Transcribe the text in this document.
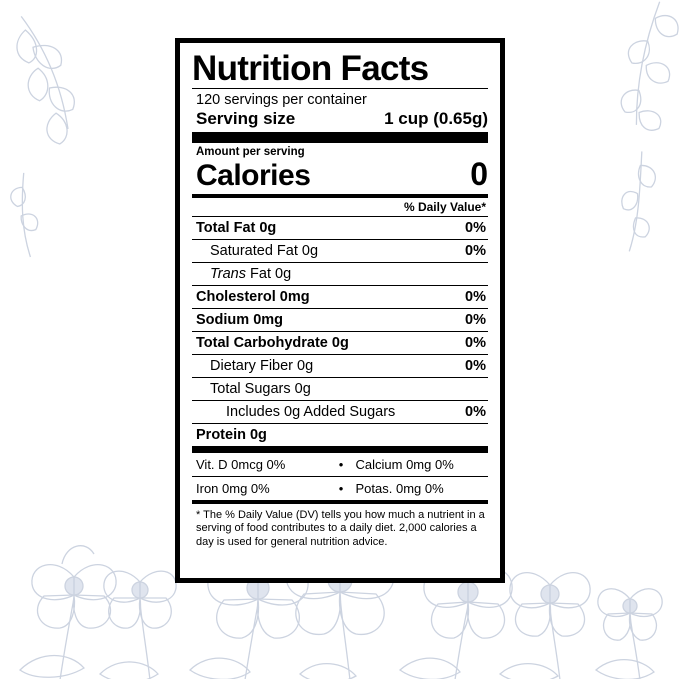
Nutrition Facts
120 servings per container
Serving size	1 cup (0.65g)
Amount per serving
Calories	0
% Daily Value*
Total Fat 0g	0%
Saturated Fat 0g	0%
Trans Fat 0g
Cholesterol 0mg	0%
Sodium 0mg	0%
Total Carbohydrate 0g	0%
Dietary Fiber 0g	0%
Total Sugars 0g
Includes 0g Added Sugars	0%
Protein 0g
Vit. D 0mcg 0%	• Calcium 0mg 0%
Iron 0mg 0%	• Potas. 0mg 0%
* The % Daily Value (DV) tells you how much a nutrient in a serving of food contributes to a daily diet. 2,000 calories a day is used for general nutrition advice.
